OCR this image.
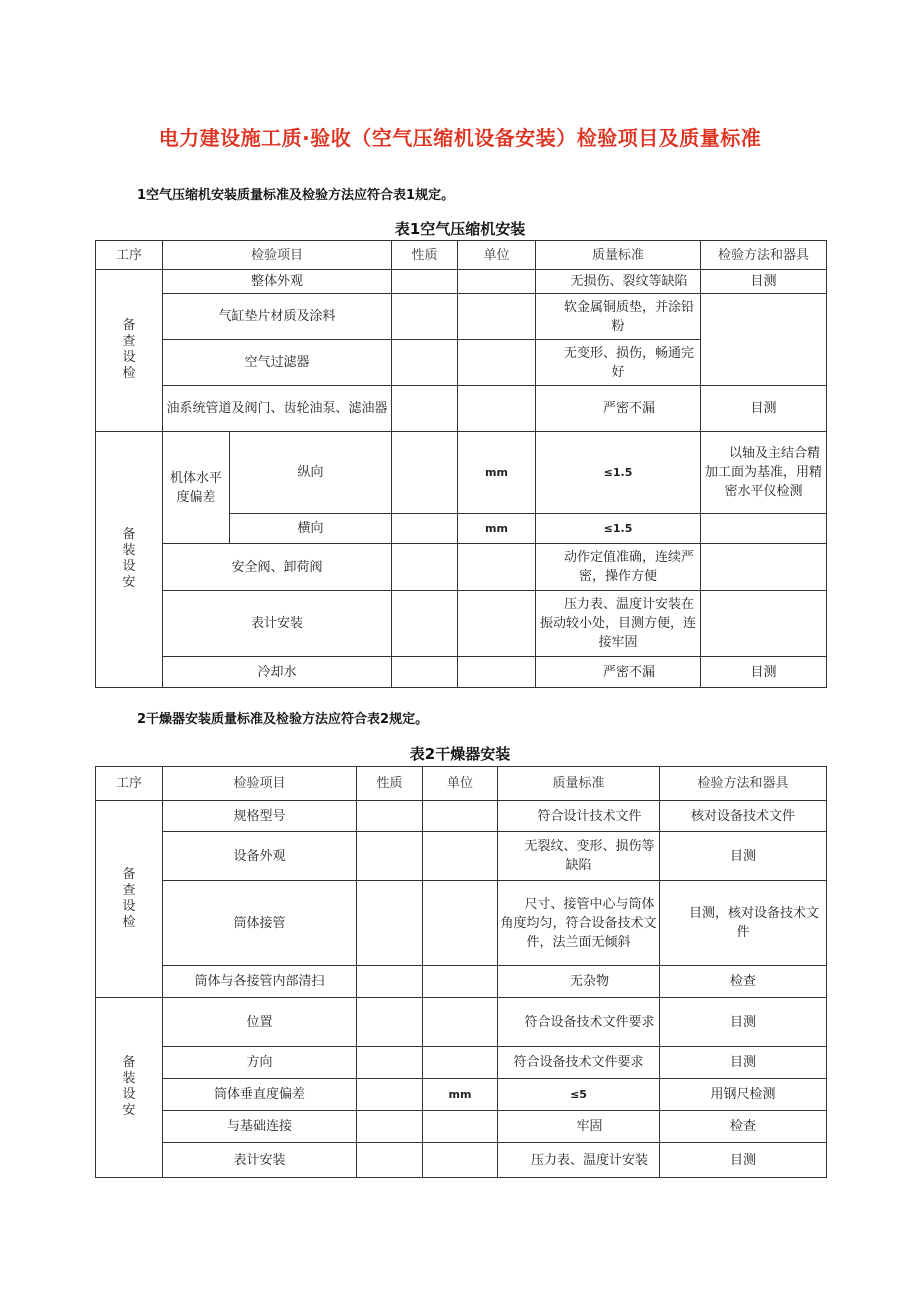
电力建设施工质·验收（空气压缩机设备安装）检验项目及质量标准
1空气压缩机安装质量标准及检验方法应符合表1规定。
表1空气压缩机安装
工序	检验项目		性质	单位	质量标准	检验方法和器具
备查设检	整体外观				无损伤、裂纹等缺陷	目测
	气缸垫片材质及涂料				软金属铜质垫，并涂铅粉	
	空气过滤器				无变形、损伤，畅通完好	
	油系统管道及阀门、齿轮油泵、滤油器				严密不漏	目测
备装设安	机体水平度偏差	纵向		mm	≤1.5	以轴及主结合精加工面为基准，用精密水平仪检测
		横向		mm	≤1.5	
	安全阀、卸荷阀				动作定值准确，连续严密，操作方便	
	表计安装				压力表、温度计安装在振动较小处，目测方便，连接牢固	
	冷却水				严密不漏	目测
2干燥器安装质量标准及检验方法应符合表2规定。
表2干燥器安装
工序	检验项目	性质	单位	质量标准	检验方法和器具
备查设检	规格型号			符合设计技术文件	核对设备技术文件
	设备外观			无裂纹、变形、损伤等缺陷	目测
	筒体接管			尺寸、接管中心与筒体角度均匀，符合设备技术文件，法兰面无倾斜	目测，核对设备技术文件
	筒体与各接管内部清扫			无杂物	检查
备装设安	位置			符合设备技术文件要求	目测
	方向			符合设备技术文件要求	目测
	筒体垂直度偏差		mm	≤5	用钢尺检测
	与基础连接			牢固	检查
	表计安装			压力表、温度计安装	目测
